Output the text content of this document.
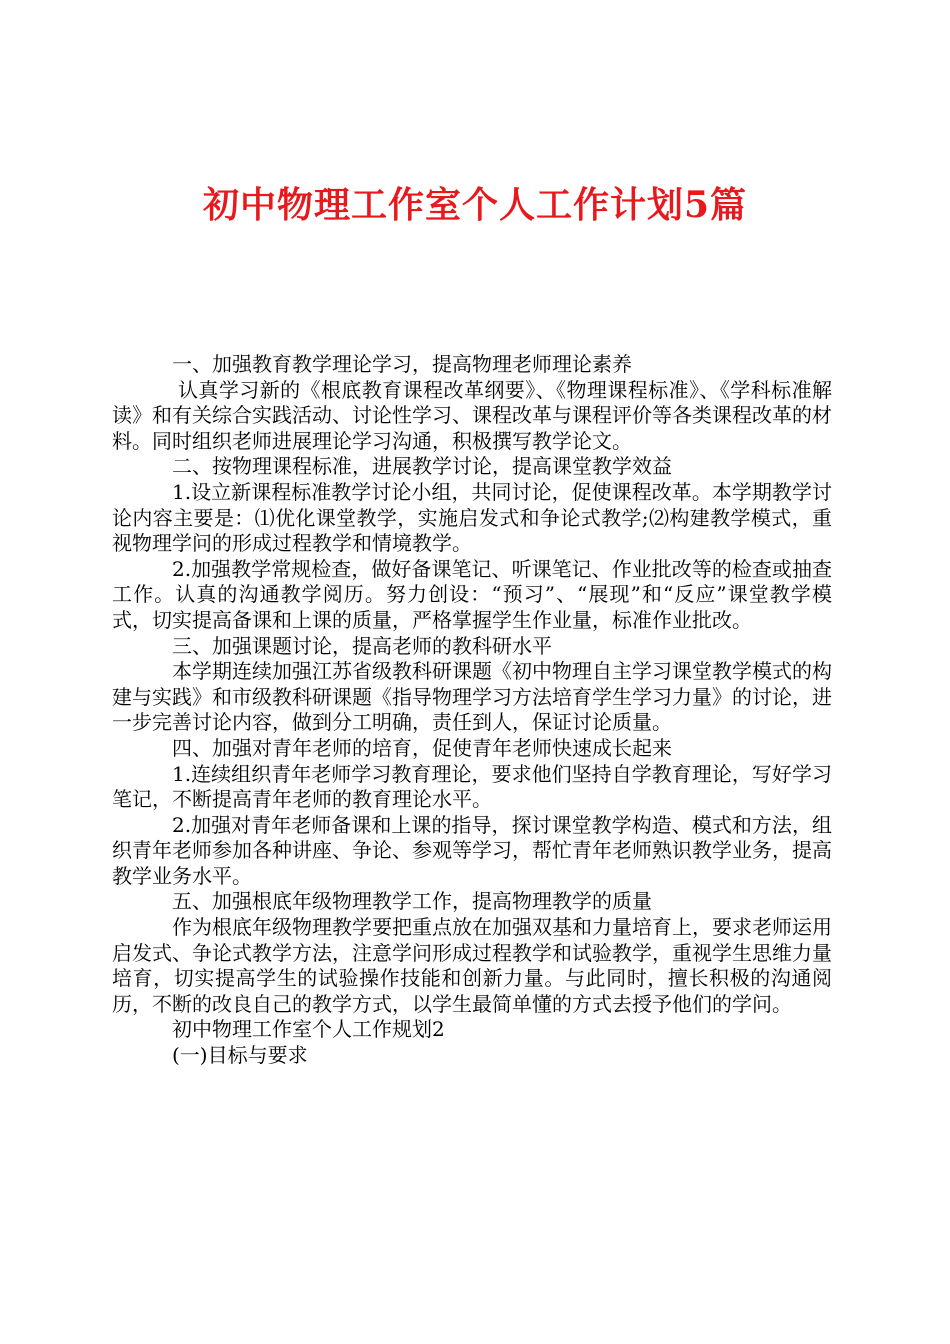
初中物理工作室个人工作计划5篇

一、加强教育教学理论学习，提高物理老师理论素养

认真学习新的《根底教育课程改革纲要》、《物理课程标准》、《学科标准解读》和有关综合实践活动、讨论性学习、课程改革与课程评价等各类课程改革的材料。同时组织老师进展理论学习沟通，积极撰写教学论文。

二、按物理课程标准，进展教学讨论，提高课堂教学效益

1.设立新课程标准教学讨论小组，共同讨论，促使课程改革。本学期教学讨论内容主要是：⑴优化课堂教学，实施启发式和争论式教学;⑵构建教学模式，重视物理学问的形成过程教学和情境教学。

2.加强教学常规检查，做好备课笔记、听课笔记、作业批改等的检查或抽查工作。认真的沟通教学阅历。努力创设：“预习”、“展现”和“反应”课堂教学模式，切实提高备课和上课的质量，严格掌握学生作业量，标准作业批改。

三、加强课题讨论，提高老师的教科研水平

本学期连续加强江苏省级教科研课题《初中物理自主学习课堂教学模式的构建与实践》和市级教科研课题《指导物理学习方法培育学生学习力量》的讨论，进一步完善讨论内容，做到分工明确，责任到人，保证讨论质量。

四、加强对青年老师的培育，促使青年老师快速成长起来

1.连续组织青年老师学习教育理论，要求他们坚持自学教育理论，写好学习笔记，不断提高青年老师的教育理论水平。

2.加强对青年老师备课和上课的指导，探讨课堂教学构造、模式和方法，组织青年老师参加各种讲座、争论、参观等学习，帮忙青年老师熟识教学业务，提高教学业务水平。

五、加强根底年级物理教学工作，提高物理教学的质量

作为根底年级物理教学要把重点放在加强双基和力量培育上，要求老师运用启发式、争论式教学方法，注意学问形成过程教学和试验教学，重视学生思维力量培育，切实提高学生的试验操作技能和创新力量。与此同时，擅长积极的沟通阅历，不断的改良自己的教学方式，以学生最简单懂的方式去授予他们的学问。

初中物理工作室个人工作规划2

(一)目标与要求
